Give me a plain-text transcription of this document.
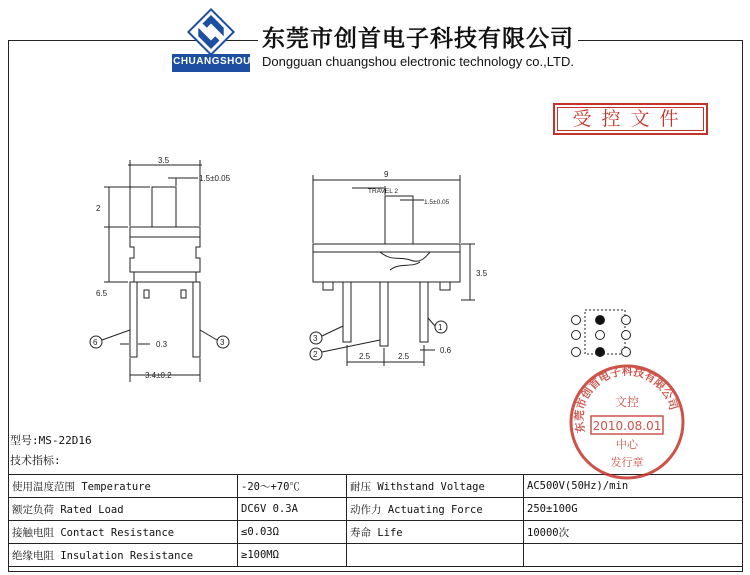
CHUANGSHOU
东莞市创首电子科技有限公司
Dongguan chuangshou electronic technology co.,LTD.
受控文件
3.5
1.5±0.05
2
6.5
0.3
3.4±0.2
6	3
9
TRAVEL 2
1.5±0.05
3.5
2.5	2.5
0.6
1
3
2
型号:MS-22D16
技术指标:
使用温度范围 Temperature	-20～+70℃	耐压 Withstand Voltage	AC500V(50Hz)/min
额定负荷 Rated Load	DC6V 0.3A	动作力 Actuating Force	250±100G
接触电阻 Contact Resistance	≤0.03Ω	寿命 Life	10000次
绝缘电阻 Insulation Resistance	≥100MΩ		
东莞市创首电子科技有限公司
文控
2010.08.01
中心
发行章
